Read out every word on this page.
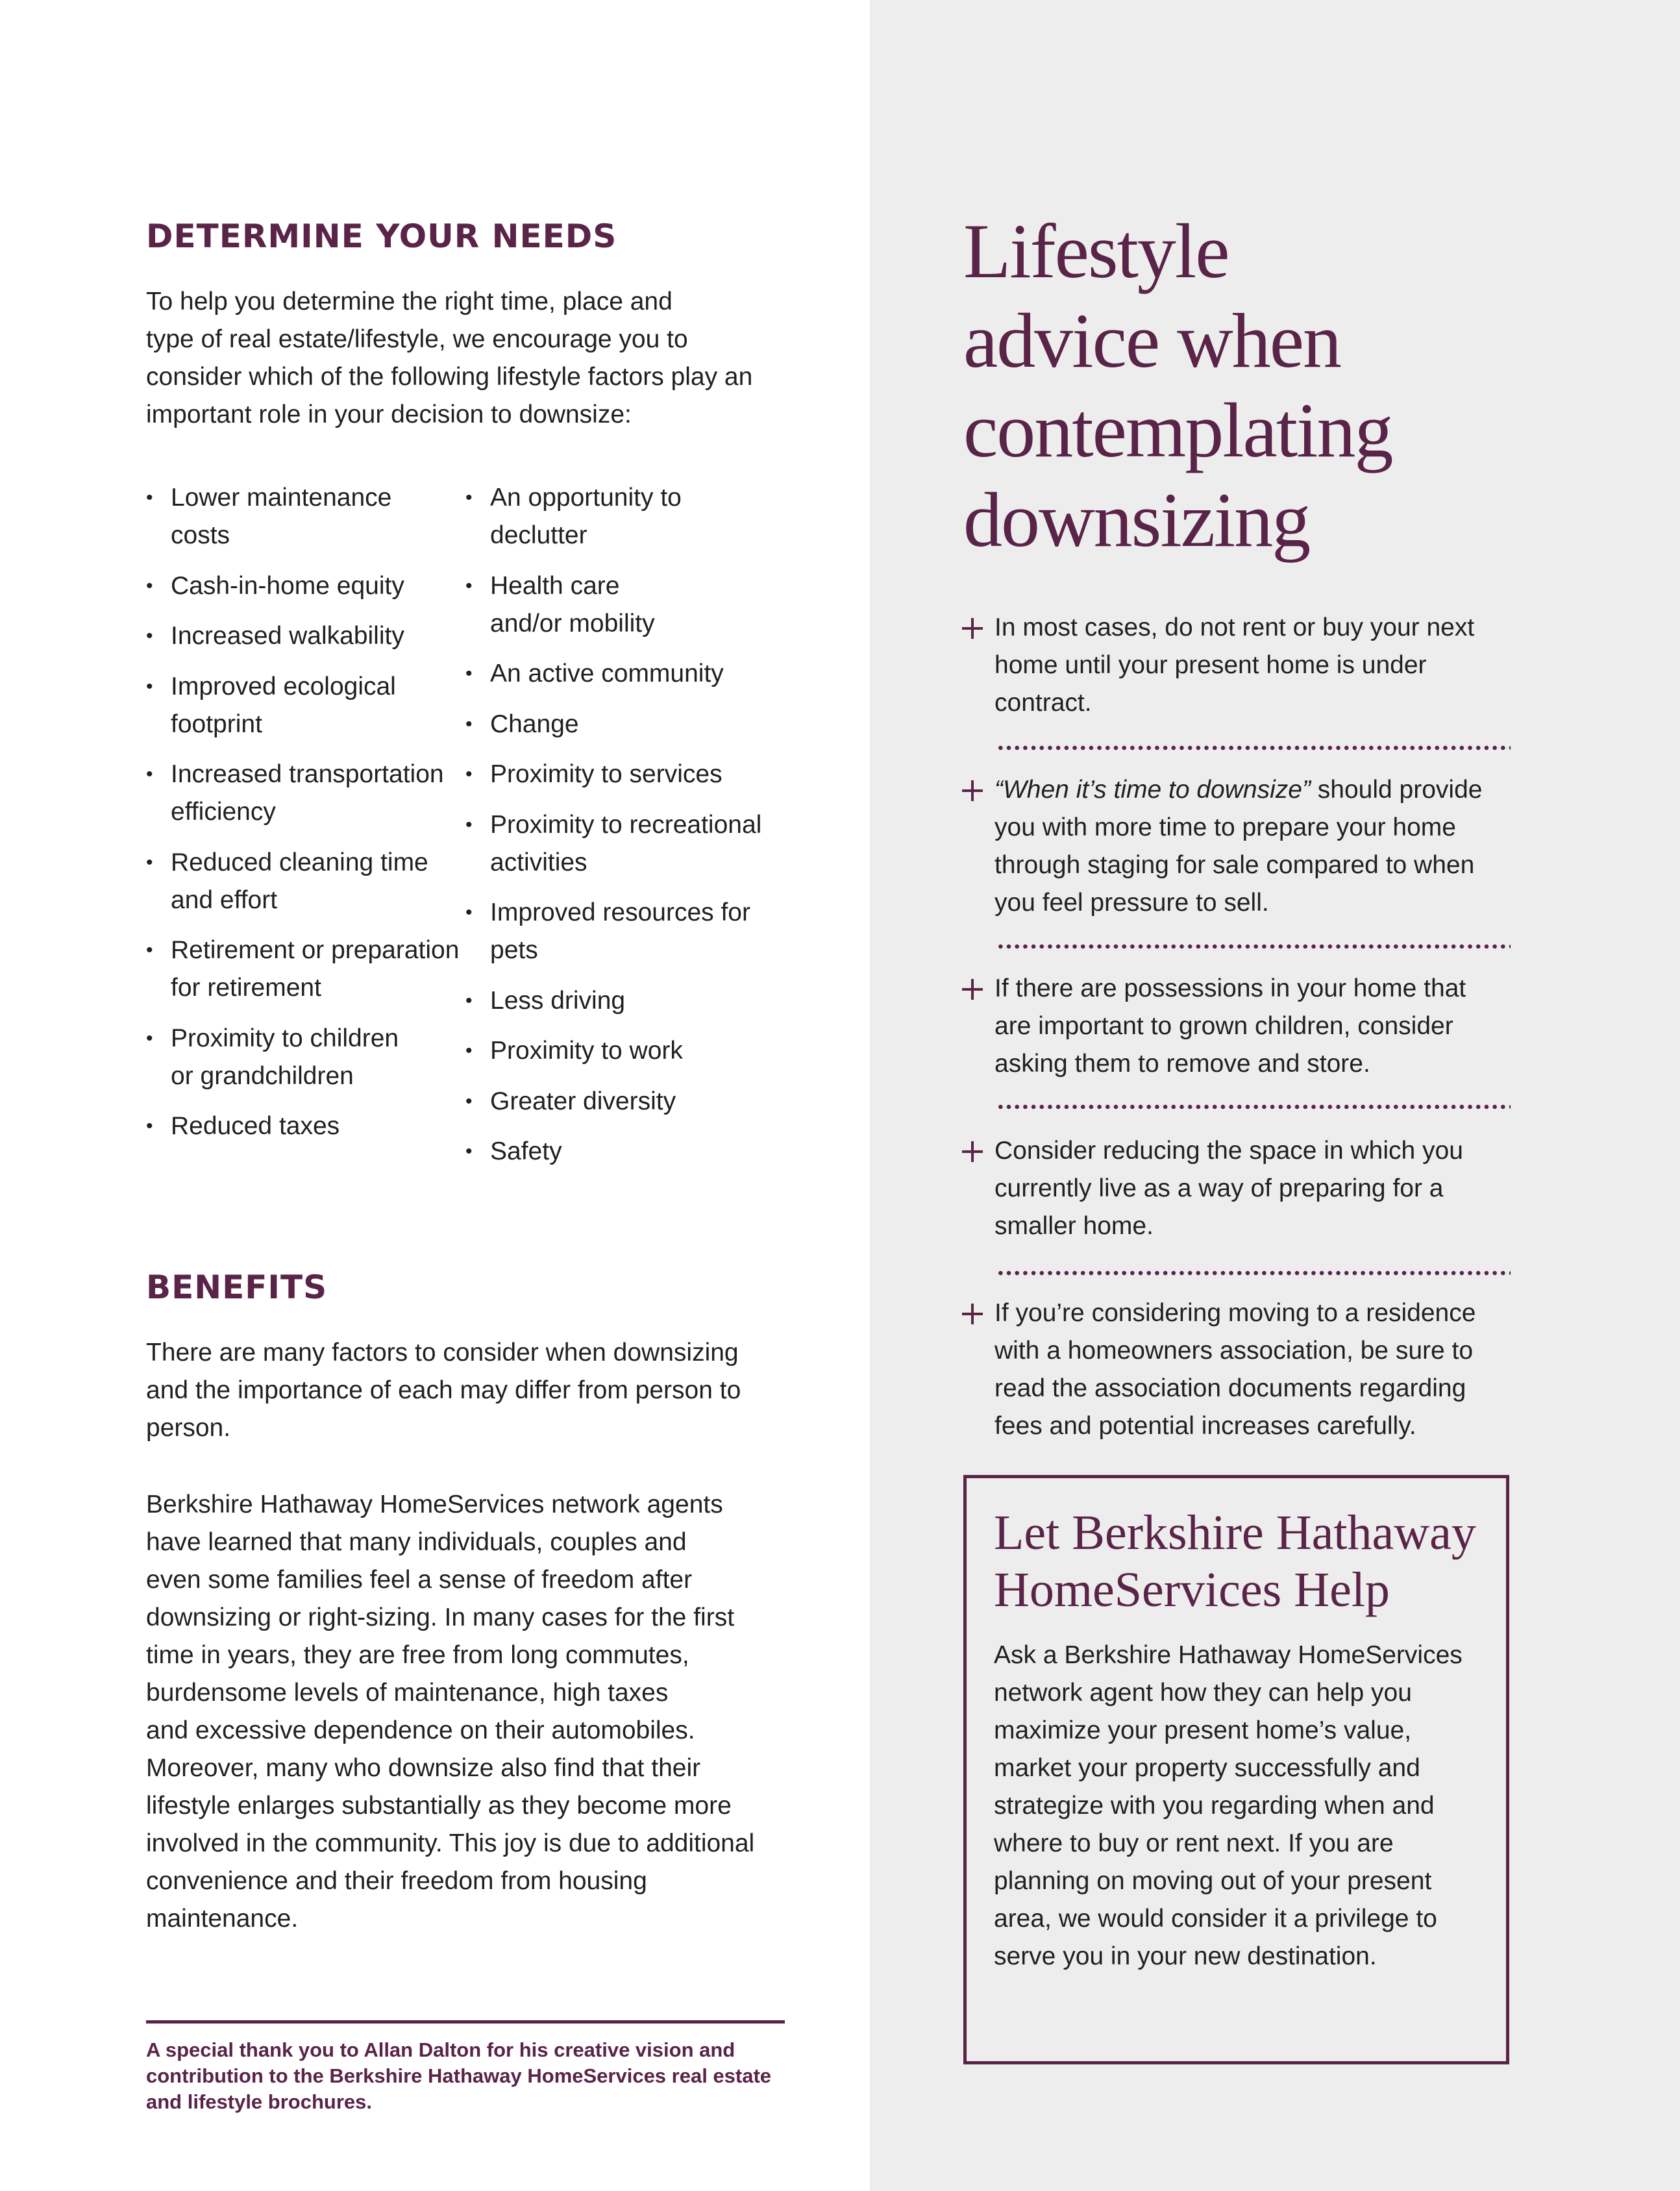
DETERMINE YOUR NEEDS

To help you determine the right time, place and
type of real estate/lifestyle, we encourage you to
consider which of the following lifestyle factors play an
important role in your decision to downsize:

• Lower maintenance
costs
• Cash-in-home equity
• Increased walkability
• Improved ecological
footprint
• Increased transportation
efficiency
• Reduced cleaning time
and effort
• Retirement or preparation
for retirement
• Proximity to children
or grandchildren
• Reduced taxes
• An opportunity to
declutter
• Health care
and/or mobility
• An active community
• Change
• Proximity to services
• Proximity to recreational
activities
• Improved resources for
pets
• Less driving
• Proximity to work
• Greater diversity
• Safety
BENEFITS

There are many factors to consider when downsizing
and the importance of each may differ from person to
person.

Berkshire Hathaway HomeServices network agents
have learned that many individuals, couples and
even some families feel a sense of freedom after
downsizing or right-sizing. In many cases for the first
time in years, they are free from long commutes,
burdensome levels of maintenance, high taxes
and excessive dependence on their automobiles.
Moreover, many who downsize also find that their
lifestyle enlarges substantially as they become more
involved in the community. This joy is due to additional
convenience and their freedom from housing
maintenance.

A special thank you to Allan Dalton for his creative vision and
contribution to the Berkshire Hathaway HomeServices real estate
and lifestyle brochures.

Lifestyle
advice when
contemplating
downsizing
In most cases, do not rent or buy your next
home until your present home is under
contract.
“When it’s time to downsize” should provide
you with more time to prepare your home
through staging for sale compared to when
you feel pressure to sell.
If there are possessions in your home that
are important to grown children, consider
asking them to remove and store.
Consider reducing the space in which you
currently live as a way of preparing for a
smaller home.
If you’re considering moving to a residence
with a homeowners association, be sure to
read the association documents regarding
fees and potential increases carefully.
Let Berkshire Hathaway
HomeServices Help

Ask a Berkshire Hathaway HomeServices
network agent how they can help you
maximize your present home’s value,
market your property successfully and
strategize with you regarding when and
where to buy or rent next. If you are
planning on moving out of your present
area, we would consider it a privilege to
serve you in your new destination.
